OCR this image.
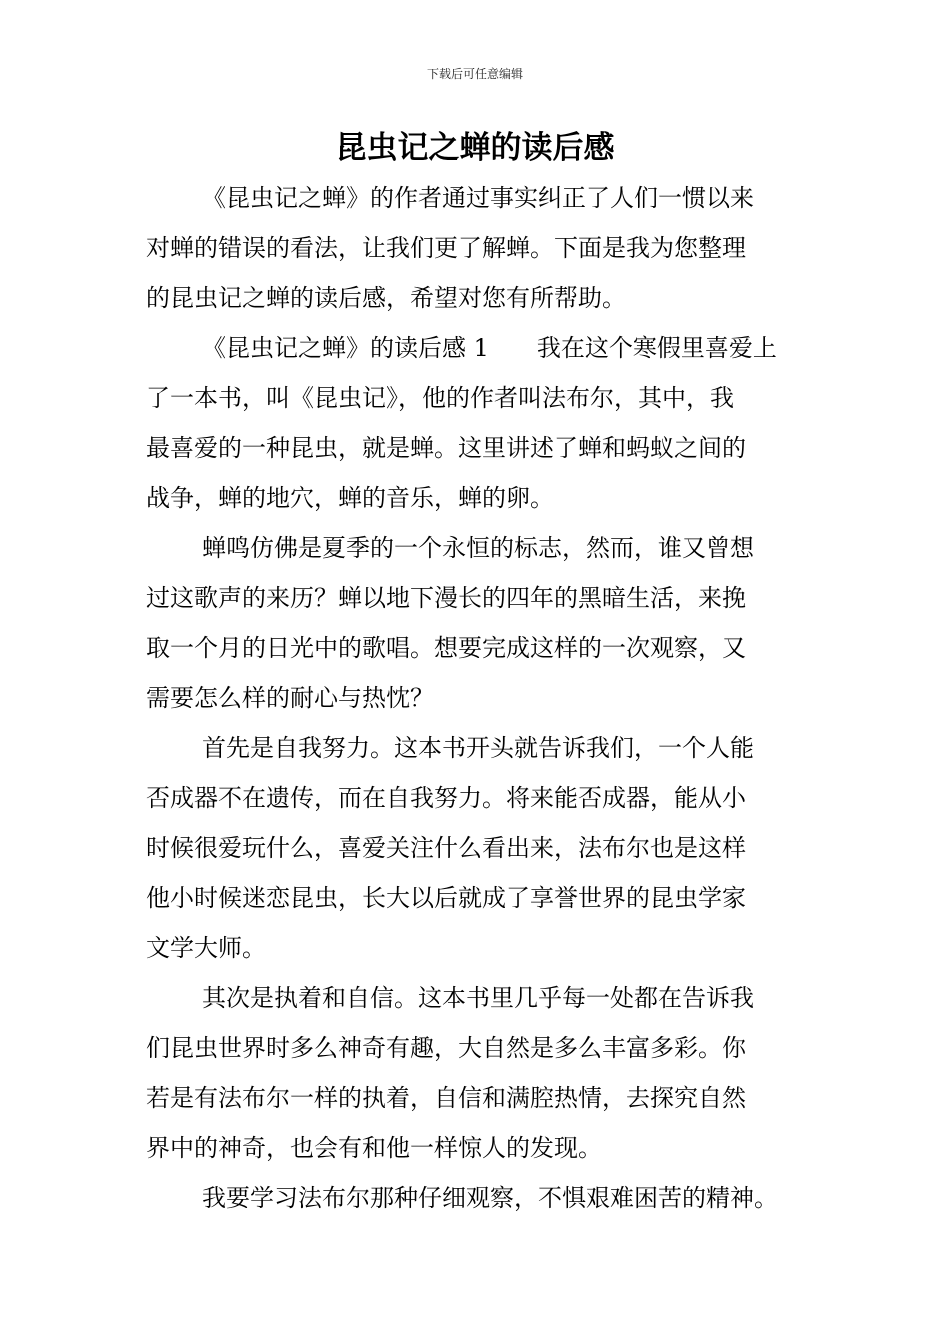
下载后可任意编辑
昆虫记之蝉的读后感
《昆虫记之蝉》的作者通过事实纠正了人们一惯以来
对蝉的错误的看法，让我们更了解蝉。下面是我为您整理
的昆虫记之蝉的读后感，希望对您有所帮助。
《昆虫记之蝉》的读后感 1　　我在这个寒假里喜爱上
了一本书，叫《昆虫记》，他的作者叫法布尔，其中，我
最喜爱的一种昆虫，就是蝉。这里讲述了蝉和蚂蚁之间的
战争，蝉的地穴，蝉的音乐，蝉的卵。
蝉鸣仿佛是夏季的一个永恒的标志，然而，谁又曾想
过这歌声的来历？蝉以地下漫长的四年的黑暗生活，来挽
取一个月的日光中的歌唱。想要完成这样的一次观察，又
需要怎么样的耐心与热忱？
首先是自我努力。这本书开头就告诉我们，一个人能
否成器不在遗传，而在自我努力。将来能否成器，能从小
时候很爱玩什么，喜爱关注什么看出来，法布尔也是这样
他小时候迷恋昆虫，长大以后就成了享誉世界的昆虫学家
文学大师。
其次是执着和自信。这本书里几乎每一处都在告诉我
们昆虫世界时多么神奇有趣，大自然是多么丰富多彩。你
若是有法布尔一样的执着，自信和满腔热情，去探究自然
界中的神奇，也会有和他一样惊人的发现。
我要学习法布尔那种仔细观察，不惧艰难困苦的精神。
